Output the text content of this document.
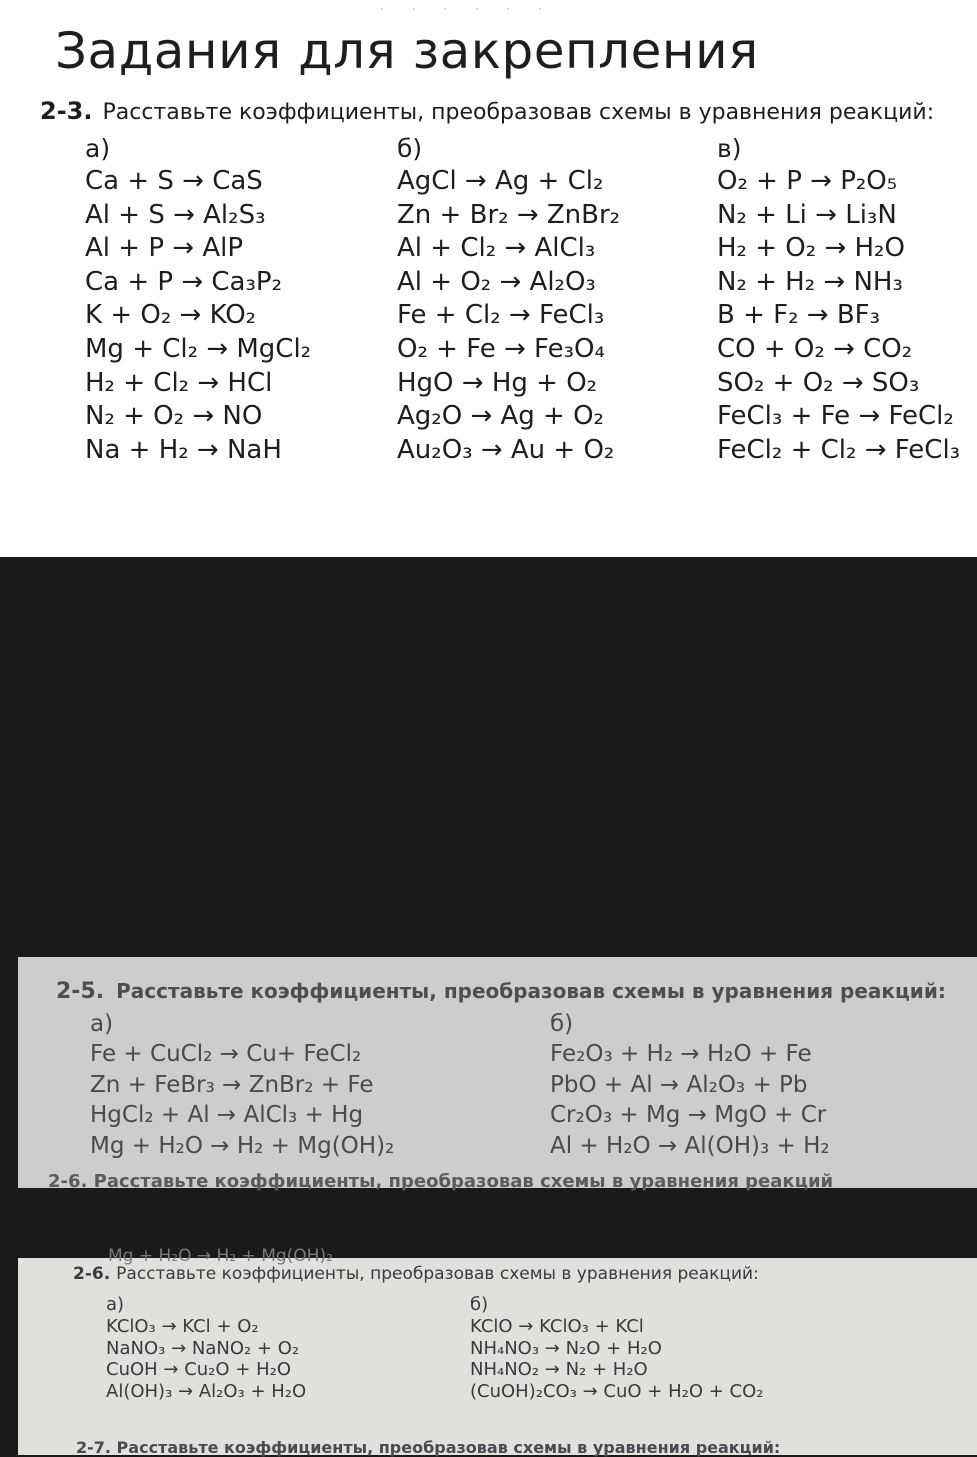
· · · · · ·
Задания для закрепления
2-3. Расставьте коэффициенты, преобразовав схемы в уравнения реакций:
а)
Ca + S → CaS
Al + S → Al₂S₃
Al + P → AlP
Ca + P → Ca₃P₂
K + O₂ → KO₂
Mg + Cl₂ → MgCl₂
H₂ + Cl₂ → HCl
N₂ + O₂ → NO
Na + H₂ → NaH
б)
AgCl → Ag + Cl₂
Zn + Br₂ → ZnBr₂
Al + Cl₂ → AlCl₃
Al + O₂ → Al₂O₃
Fe + Cl₂ → FeCl₃
O₂ + Fe → Fe₃O₄
HgO → Hg + O₂
Ag₂O → Ag + O₂
Au₂O₃ → Au + O₂
в)
O₂ + P → P₂O₅
N₂ + Li → Li₃N
H₂ + O₂ → H₂O
N₂ + H₂ → NH₃
B + F₂ → BF₃
CO + O₂ → CO₂
SO₂ + O₂ → SO₃
FeCl₃ + Fe → FeCl₂
FeCl₂ + Cl₂ → FeCl₃
2-5. Расставьте коэффициенты, преобразовав схемы в уравнения реакций:
а)
Fe + CuCl₂ → Cu+ FeCl₂
Zn + FeBr₃ → ZnBr₂ + Fe
HgCl₂ + Al → AlCl₃ + Hg
Mg + H₂O → H₂ + Mg(OH)₂
б)
Fe₂O₃ + H₂ → H₂O + Fe
PbO + Al → Al₂O₃ + Pb
Cr₂O₃ + Mg → MgO + Cr
Al + H₂O → Al(OH)₃ + H₂
2-6. Расставьте коэффициенты, преобразовав схемы в уравнения реакций
Mg + H₂O → H₂ + Mg(OH)₂
2-6. Расставьте коэффициенты, преобразовав схемы в уравнения реакций:
а)
KClO₃ → KCl + O₂
NaNO₃ → NaNO₂ + O₂
CuOH → Cu₂O + H₂O
Al(OH)₃ → Al₂O₃ + H₂O
б)
KClO → KClO₃ + KCl
NH₄NO₃ → N₂O + H₂O
NH₄NO₂ → N₂ + H₂O
(CuOH)₂CO₃ → CuO + H₂O + CO₂
2-7. Расставьте коэффициенты, преобразовав схемы в уравнения реакций:
